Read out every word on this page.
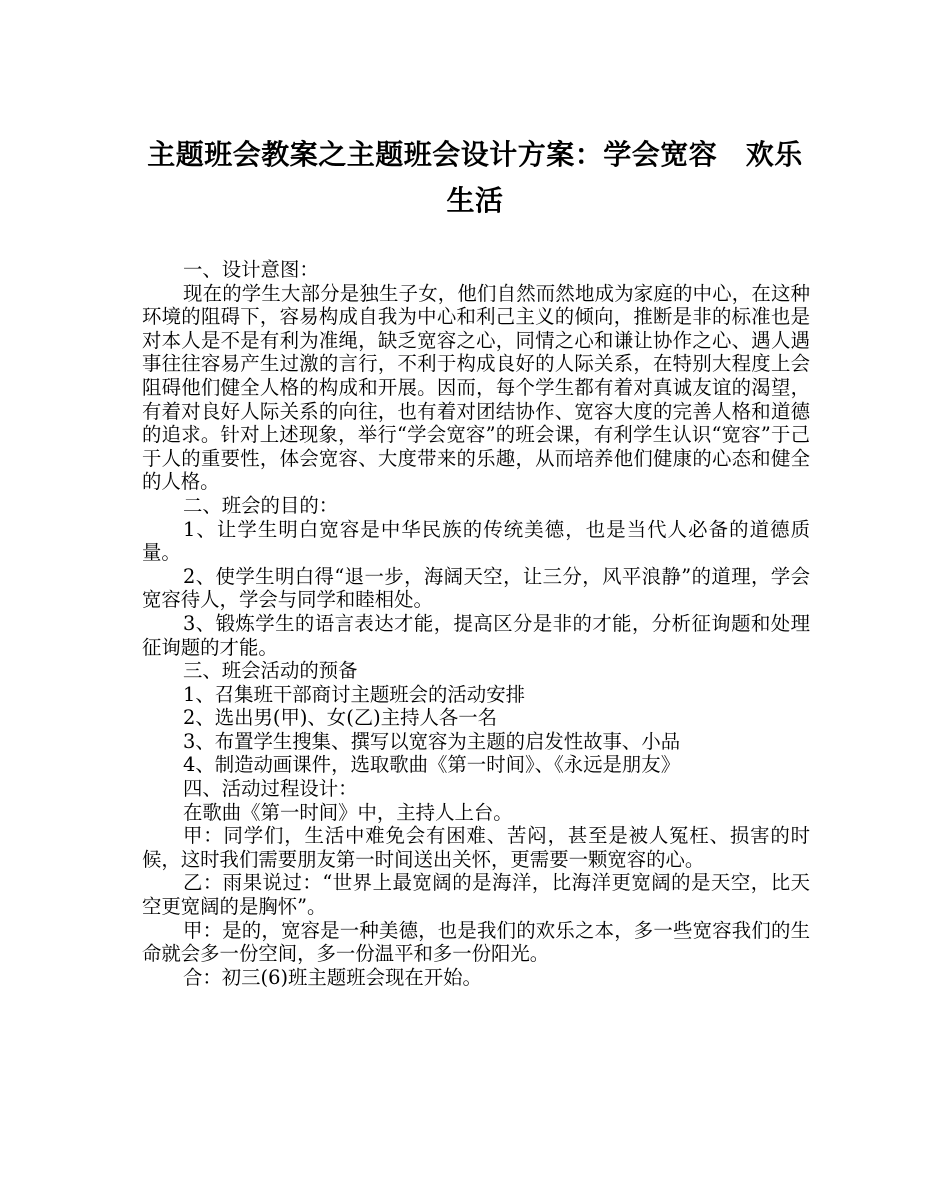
主题班会教案之主题班会设计方案：学会宽容　欢乐生活

一、设计意图：

现在的学生大部分是独生子女，他们自然而然地成为家庭的中心，在这种环境的阻碍下，容易构成自我为中心和利己主义的倾向，推断是非的标准也是对本人是不是有利为准绳，缺乏宽容之心，同情之心和谦让协作之心、遇人遇事往往容易产生过激的言行，不利于构成良好的人际关系，在特别大程度上会阻碍他们健全人格的构成和开展。因而，每个学生都有着对真诚友谊的渴望，有着对良好人际关系的向往，也有着对团结协作、宽容大度的完善人格和道德的追求。针对上述现象，举行“学会宽容”的班会课，有利学生认识“宽容”于己于人的重要性，体会宽容、大度带来的乐趣，从而培养他们健康的心态和健全的人格。

二、班会的目的：

1、让学生明白宽容是中华民族的传统美德，也是当代人必备的道德质量。

2、使学生明白得“退一步，海阔天空，让三分，风平浪静”的道理，学会宽容待人，学会与同学和睦相处。

3、锻炼学生的语言表达才能，提高区分是非的才能，分析征询题和处理征询题的才能。

三、班会活动的预备

1、召集班干部商讨主题班会的活动安排

2、选出男(甲)、女(乙)主持人各一名

3、布置学生搜集、撰写以宽容为主题的启发性故事、小品

4、制造动画课件，选取歌曲《第一时间》、《永远是朋友》

四、活动过程设计：

在歌曲《第一时间》中，主持人上台。

甲：同学们，生活中难免会有困难、苦闷，甚至是被人冤枉、损害的时候，这时我们需要朋友第一时间送出关怀，更需要一颗宽容的心。

乙：雨果说过：“世界上最宽阔的是海洋，比海洋更宽阔的是天空，比天空更宽阔的是胸怀”。

甲：是的，宽容是一种美德，也是我们的欢乐之本，多一些宽容我们的生命就会多一份空间，多一份温平和多一份阳光。

合：初三(6)班主题班会现在开始。
